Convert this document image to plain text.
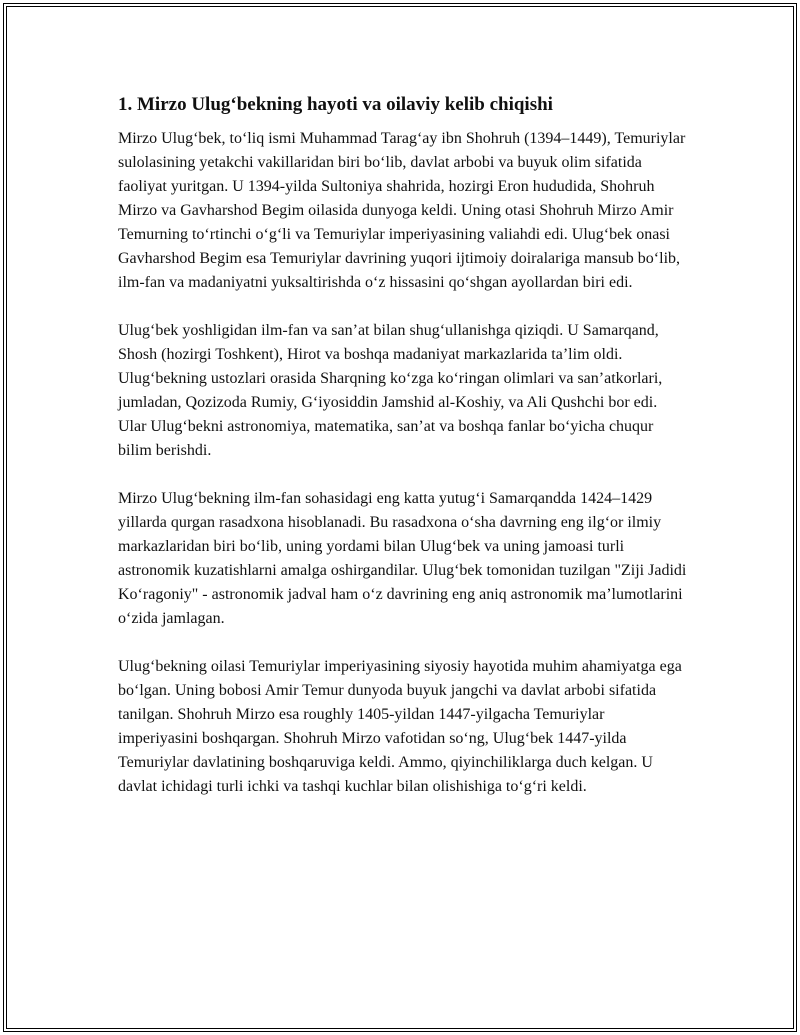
1. Mirzo Ulug‘bekning hayoti va oilaviy kelib chiqishi

Mirzo Ulug‘bek, to‘liq ismi Muhammad Tarag‘ay ibn Shohruh (1394–1449), Temuriylar sulolasining yetakchi vakillaridan biri bo‘lib, davlat arbobi va buyuk olim sifatida faoliyat yuritgan. U 1394-yilda Sultoniya shahrida, hozirgi Eron hududida, Shohruh Mirzo va Gavharshod Begim oilasida dunyoga keldi. Uning otasi Shohruh Mirzo Amir Temurning to‘rtinchi o‘g‘li va Temuriylar imperiyasining valiahdi edi. Ulug‘bek onasi Gavharshod Begim esa Temuriylar davrining yuqori ijtimoiy doiralariga mansub bo‘lib, ilm-fan va madaniyatni yuksaltirishda o‘z hissasini qo‘shgan ayollardan biri edi.

Ulug‘bek yoshligidan ilm-fan va san’at bilan shug‘ullanishga qiziqdi. U Samarqand, Shosh (hozirgi Toshkent), Hirot va boshqa madaniyat markazlarida ta’lim oldi. Ulug‘bekning ustozlari orasida Sharqning ko‘zga ko‘ringan olimlari va san’atkorlari, jumladan, Qozizoda Rumiy, G‘iyosiddin Jamshid al-Koshiy, va Ali Qushchi bor edi. Ular Ulug‘bekni astronomiya, matematika, san’at va boshqa fanlar bo‘yicha chuqur bilim berishdi.

Mirzo Ulug‘bekning ilm-fan sohasidagi eng katta yutug‘i Samarqandda 1424–1429 yillarda qurgan rasadxona hisoblanadi. Bu rasadxona o‘sha davrning eng ilg‘or ilmiy markazlaridan biri bo‘lib, uning yordami bilan Ulug‘bek va uning jamoasi turli astronomik kuzatishlarni amalga oshirgandilar. Ulug‘bek tomonidan tuzilgan "Ziji Jadidi Ko‘ragoniy" - astronomik jadval ham o‘z davrining eng aniq astronomik ma’lumotlarini o‘zida jamlagan.

Ulug‘bekning oilasi Temuriylar imperiyasining siyosiy hayotida muhim ahamiyatga ega bo‘lgan. Uning bobosi Amir Temur dunyoda buyuk jangchi va davlat arbobi sifatida tanilgan. Shohruh Mirzo esa roughly 1405-yildan 1447-yilgacha Temuriylar imperiyasini boshqargan. Shohruh Mirzo vafotidan so‘ng, Ulug‘bek 1447-yilda Temuriylar davlatining boshqaruviga keldi. Ammo, qiyinchiliklarga duch kelgan. U davlat ichidagi turli ichki va tashqi kuchlar bilan olishishiga to‘g‘ri keldi.
